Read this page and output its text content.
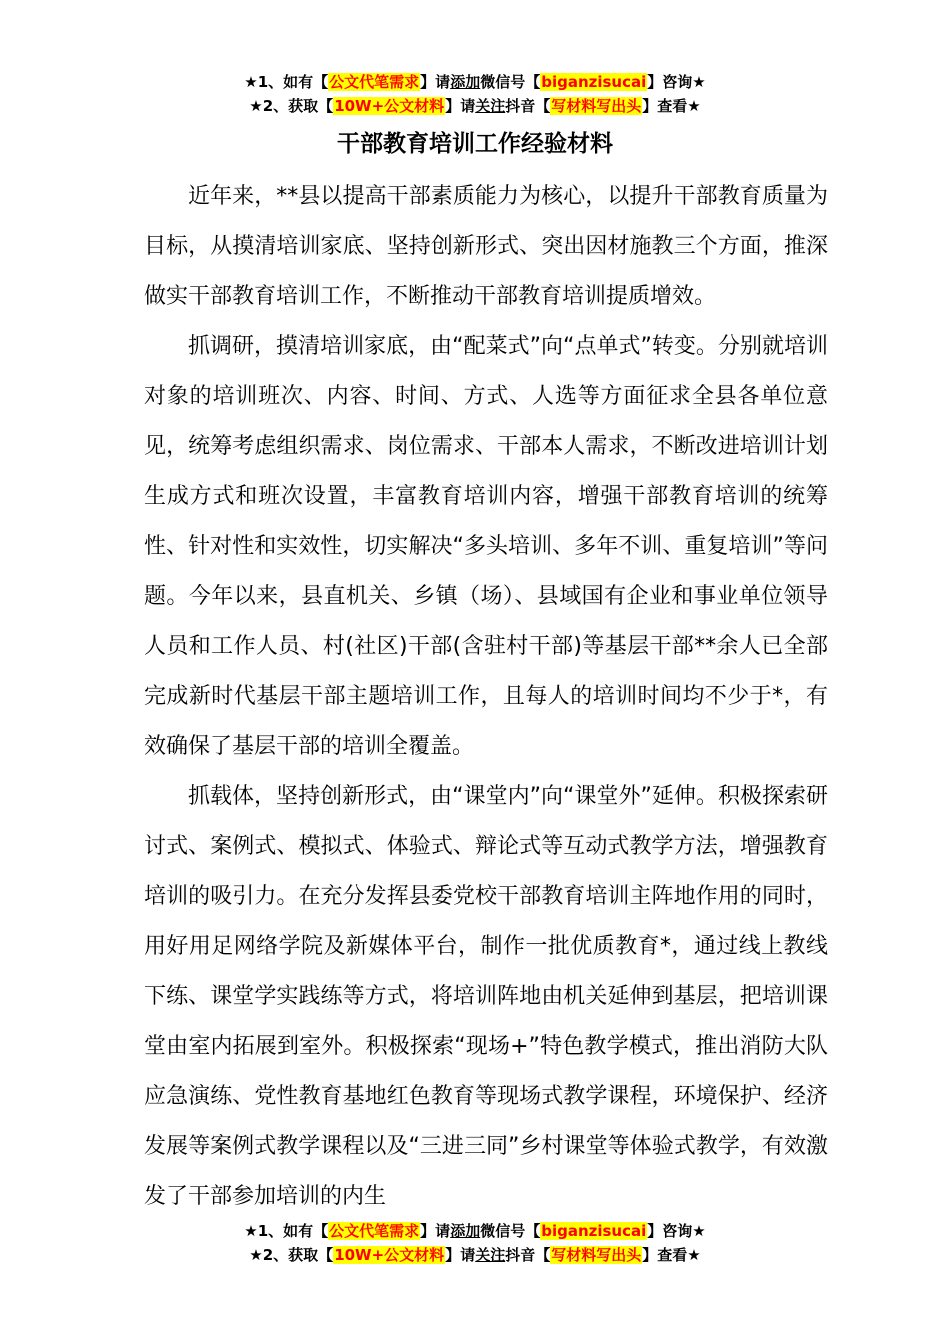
★1、如有【公文代笔需求】请添加微信号【biganzisucai】咨询★
★2、获取【10W+公文材料】请关注抖音【写材料写出头】查看★
干部教育培训工作经验材料

近年来，**县以提高干部素质能力为核心，以提升干部教育质量为目标，从摸清培训家底、坚持创新形式、突出因材施教三个方面，推深做实干部教育培训工作，不断推动干部教育培训提质增效。

抓调研，摸清培训家底，由“配菜式”向“点单式”转变。分别就培训对象的培训班次、内容、时间、方式、人选等方面征求全县各单位意见，统筹考虑组织需求、岗位需求、干部本人需求，不断改进培训计划生成方式和班次设置，丰富教育培训内容，增强干部教育培训的统筹性、针对性和实效性，切实解决“多头培训、多年不训、重复培训”等问题。今年以来，县直机关、乡镇（场）、县域国有企业和事业单位领导人员和工作人员、村(社区)干部(含驻村干部)等基层干部**余人已全部完成新时代基层干部主题培训工作，且每人的培训时间均不少于*，有效确保了基层干部的培训全覆盖。

抓载体，坚持创新形式，由“课堂内”向“课堂外”延伸。积极探索研讨式、案例式、模拟式、体验式、辩论式等互动式教学方法，增强教育培训的吸引力。在充分发挥县委党校干部教育培训主阵地作用的同时，用好用足网络学院及新媒体平台，制作一批优质教育*，通过线上教线下练、课堂学实践练等方式，将培训阵地由机关延伸到基层，把培训课堂由室内拓展到室外。积极探索“现场+”特色教学模式，推出消防大队应急演练、党性教育基地红色教育等现场式教学课程，环境保护、经济发展等案例式教学课程以及“三进三同”乡村课堂等体验式教学，有效激发了干部参加培训的内生

★1、如有【公文代笔需求】请添加微信号【biganzisucai】咨询★
★2、获取【10W+公文材料】请关注抖音【写材料写出头】查看★
